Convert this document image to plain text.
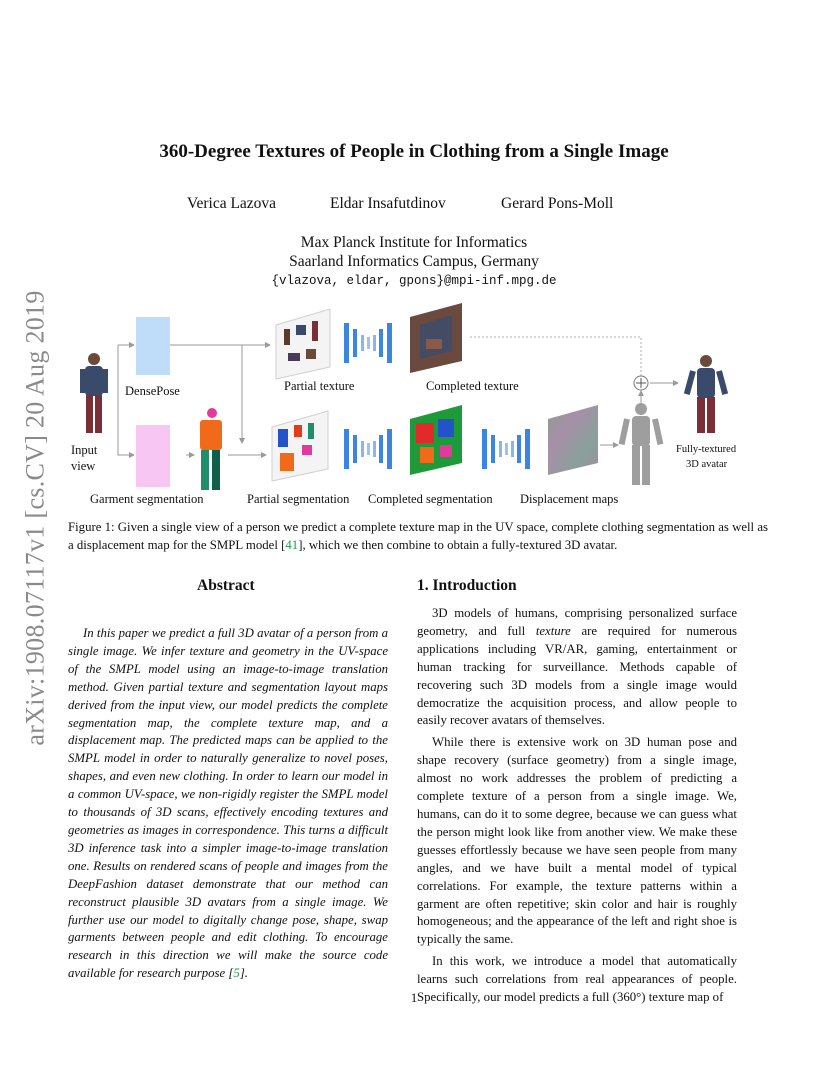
arXiv:1908.07117v1 [cs.CV] 20 Aug 2019
360-Degree Textures of People in Clothing from a Single Image
Verica Lazova	Eldar Insafutdinov	Gerard Pons-Moll
Max Planck Institute for Informatics
Saarland Informatics Campus, Germany
{vlazova, eldar, gpons}@mpi-inf.mpg.de
DensePose	Partial texture	Completed texture
Input
view
Fully-textured
3D avatar
Garment segmentation	Partial segmentation Completed segmentation Displacement maps
Figure 1: Given a single view of a person we predict a complete texture map in the UV space, complete clothing segmentation as well as a displacement map for the SMPL model [41], which we then combine to obtain a fully-textured 3D avatar.
Abstract
In this paper we predict a full 3D avatar of a person from a single image. We infer texture and geometry in the UV-space of the SMPL model using an image-to-image translation method. Given partial texture and segmentation layout maps derived from the input view, our model predicts the complete segmentation map, the complete texture map, and a displacement map. The predicted maps can be applied to the SMPL model in order to naturally generalize to novel poses, shapes, and even new clothing. In order to learn our model in a common UV-space, we non-rigidly register the SMPL model to thousands of 3D scans, effectively encoding textures and geometries as images in correspondence. This turns a difficult 3D inference task into a simpler image-to-image translation one. Results on rendered scans of people and images from the DeepFashion dataset demonstrate that our method can reconstruct plausible 3D avatars from a single image. We further use our model to digitally change pose, shape, swap garments between people and edit clothing. To encourage research in this direction we will make the source code available for research purpose [5].
1. Introduction

3D models of humans, comprising personalized surface geometry, and full texture are required for numerous applications including VR/AR, gaming, entertainment or human tracking for surveillance. Methods capable of recovering such 3D models from a single image would democratize the acquisition process, and allow people to easily recover avatars of themselves.

While there is extensive work on 3D human pose and shape recovery (surface geometry) from a single image, almost no work addresses the problem of predicting a complete texture of a person from a single image. We, humans, can do it to some degree, because we can guess what the person might look like from another view. We make these guesses effortlessly because we have seen people from many angles, and we have built a mental model of typical correlations. For example, the texture patterns within a garment are often repetitive; skin color and hair is roughly homogeneous; and the appearance of the left and right shoe is typically the same.

In this work, we introduce a model that automatically learns such correlations from real appearances of people. Specifically, our model predicts a full (360°) texture map of

1
